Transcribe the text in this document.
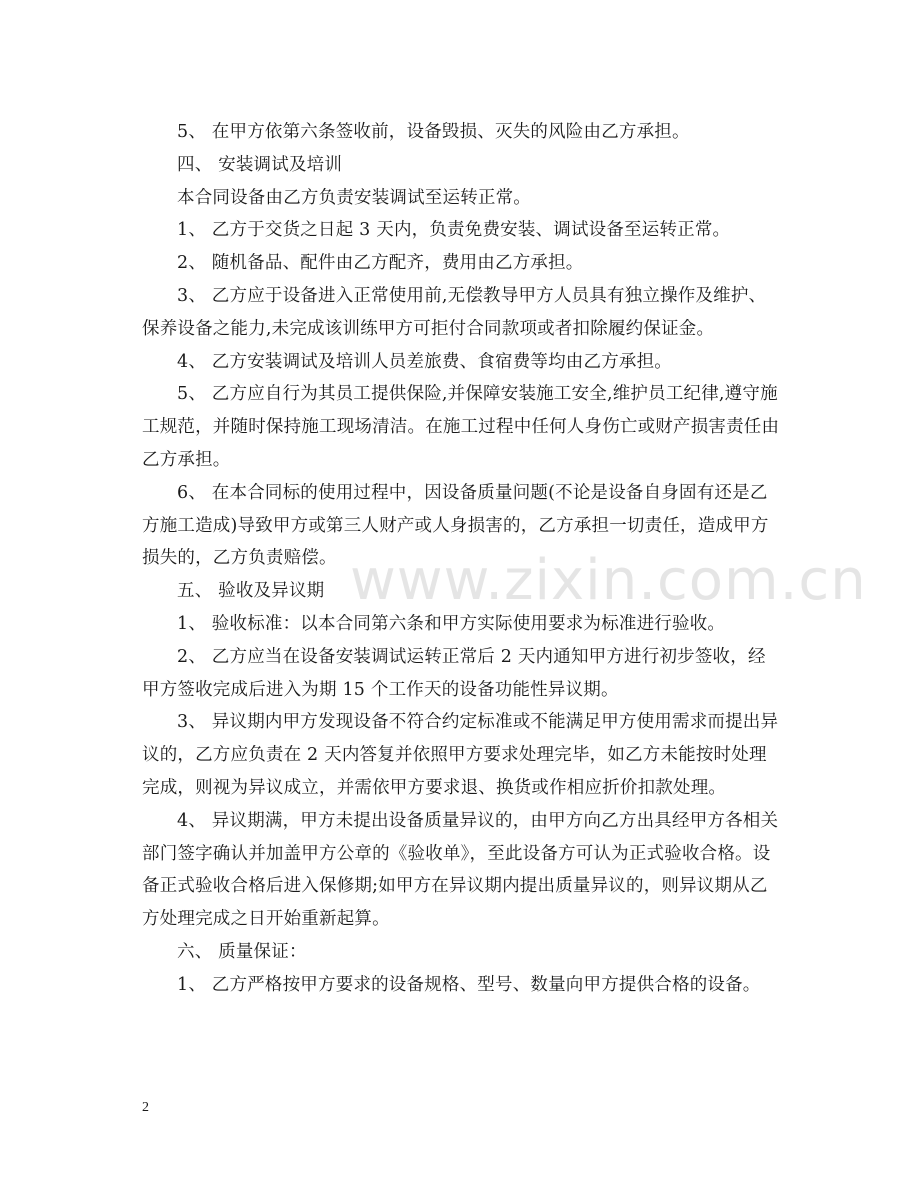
5、 在甲方依第六条签收前，设备毁损、灭失的风险由乙方承担。

四、 安装调试及培训

本合同设备由乙方负责安装调试至运转正常。

1、 乙方于交货之日起 3 天内，负责免费安装、调试设备至运转正常。

2、 随机备品、配件由乙方配齐，费用由乙方承担。

3、 乙方应于设备进入正常使用前,无偿教导甲方人员具有独立操作及维护、保养设备之能力,未完成该训练甲方可拒付合同款项或者扣除履约保证金。

4、 乙方安装调试及培训人员差旅费、食宿费等均由乙方承担。

5、 乙方应自行为其员工提供保险,并保障安装施工安全,维护员工纪律,遵守施工规范，并随时保持施工现场清洁。在施工过程中任何人身伤亡或财产损害责任由乙方承担。

6、 在本合同标的使用过程中，因设备质量问题(不论是设备自身固有还是乙方施工造成)导致甲方或第三人财产或人身损害的，乙方承担一切责任，造成甲方损失的，乙方负责赔偿。

五、 验收及异议期

1、 验收标准：以本合同第六条和甲方实际使用要求为标准进行验收。

2、 乙方应当在设备安装调试运转正常后 2 天内通知甲方进行初步签收，经甲方签收完成后进入为期 15 个工作天的设备功能性异议期。

3、 异议期内甲方发现设备不符合约定标准或不能满足甲方使用需求而提出异议的，乙方应负责在 2 天内答复并依照甲方要求处理完毕，如乙方未能按时处理完成，则视为异议成立，并需依甲方要求退、换货或作相应折价扣款处理。

4、 异议期满，甲方未提出设备质量异议的，由甲方向乙方出具经甲方各相关部门签字确认并加盖甲方公章的《验收单》，至此设备方可认为正式验收合格。设备正式验收合格后进入保修期;如甲方在异议期内提出质量异议的，则异议期从乙方处理完成之日开始重新起算。

六、 质量保证：

1、 乙方严格按甲方要求的设备规格、型号、数量向甲方提供合格的设备。

www.zixin.com.cn
2
